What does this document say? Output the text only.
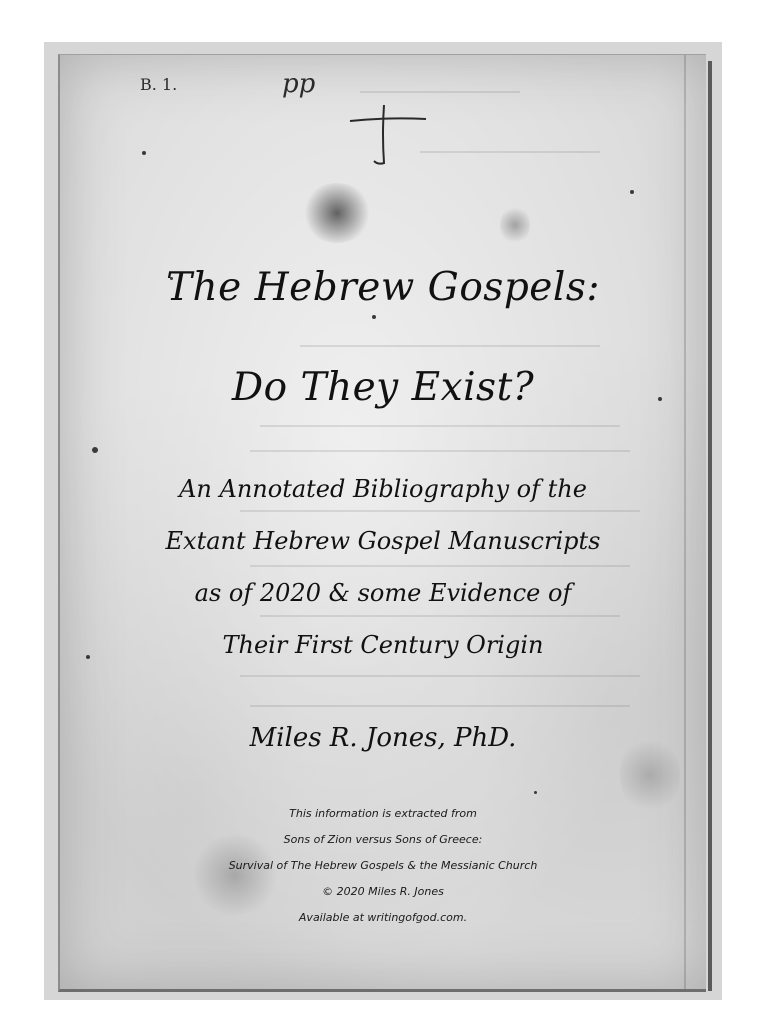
B. 1.	pp
The Hebrew Gospels:
Do They Exist?
An Annotated Bibliography of the
Extant Hebrew Gospel Manuscripts
as of 2020 & some Evidence of
Their First Century Origin
Miles R. Jones, PhD.
This information is extracted from
Sons of Zion versus Sons of Greece:
Survival of The Hebrew Gospels & the Messianic Church
© 2020 Miles R. Jones
Available at writingofgod.com.
